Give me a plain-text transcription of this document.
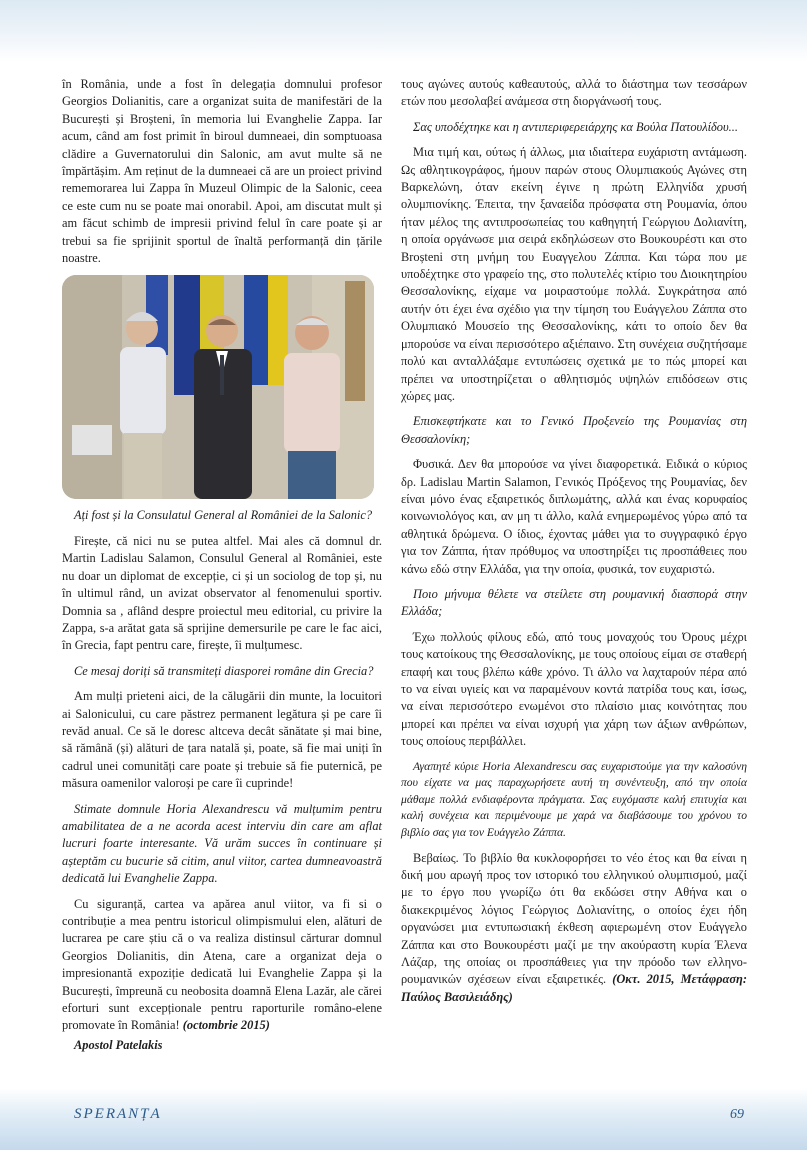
în România, unde a fost în delegația domnului profesor Georgios Dolianitis, care a organizat suita de manifestări de la București și Broșteni, în memoria lui Evanghelie Zappa. Iar acum, când am fost primit în biroul dumneaei, din somptuoasa clădire a Guvernatorului din Salonic, am avut multe să ne împărtășim. Am reținut de la dumneaei că are un proiect privind rememorarea lui Zappa în Muzeul Olimpic de la Salonic, ceea ce este cum nu se poate mai onorabil. Apoi, am discutat mult și am făcut schimb de impresii privind felul în care poate și ar trebui sa fie sprijinit sportul de înaltă performanță din țările noastre.

Ați fost și la Consulatul General al României de la Salonic?

Firește, că nici nu se putea altfel. Mai ales că domnul dr. Martin Ladislau Salamon, Consulul General al României, este nu doar un diplomat de excepție, ci și un sociolog de top și, nu în ultimul rând, un avizat observator al fenomenului sportiv. Domnia sa , aflând despre proiectul meu editorial, cu privire la Zappa, s-a arătat gata să sprijine demersurile pe care le fac aici, în Grecia, fapt pentru care, firește, îi mulțumesc.

Ce mesaj doriți să transmiteți diasporei române din Grecia?

Am mulți prieteni aici, de la călugării din munte, la locuitori ai Salonicului, cu care păstrez permanent legătura și pe care îi revăd anual. Ce să le doresc altceva decât sănătate și mai bine, să rămână (și) alături de țara natală și, poate, să fie mai uniți în cadrul unei comunități care poate și trebuie să fie puternică, pe măsura oamenilor valoroși pe care îi cuprinde!

Stimate domnule Horia Alexandrescu vă mulțumim pentru amabilitatea de a ne acorda acest interviu din care am aflat lucruri foarte interesante. Vă urăm succes în continuare și așteptăm cu bucurie să citim, anul viitor, cartea dumneavoastră dedicată lui Evanghelie Zappa.

Cu siguranță, cartea va apărea anul viitor, va fi si o contribuție a mea pentru istoricul olimpismului elen, alături de lucrarea pe care știu că o va realiza distinsul cărturar domnul Georgios Dolianitis, din Atena, care a organizat deja o impresionantă expoziție dedicată lui Evanghelie Zappa și la București, împreună cu neobosita doamnă Elena Lazăr, ale cărei eforturi sunt excepționale pentru raporturile româno-elene promovate în România! (octombrie 2015)

Apostol Patelakis

τους αγώνες αυτούς καθεαυτούς, αλλά το διάστημα των τεσσάρων ετών που μεσολαβεί ανάμεσα στη διοργάνωσή τους.

Σας υποδέχτηκε και η αντιπεριφερειάρχης κα Βούλα Πατουλίδου...

Μια τιμή και, ούτως ή άλλως, μια ιδιαίτερα ευχάριστη αντάμωση. Ως αθλητικογράφος, ήμουν παρών στους Ολυμπιακούς Αγώνες στη Βαρκελώνη, όταν εκείνη έγινε η πρώτη Ελληνίδα χρυσή ολυμπιονίκης. Έπειτα, την ξαναείδα πρόσφατα στη Ρουμανία, όπου ήταν μέλος της αντιπροσωπείας του καθηγητή Γεώργιου Δολιανίτη, η οποία οργάνωσε μια σειρά εκδηλώσεων στο Βουκουρέστι και στο Broșteni στη μνήμη του Ευαγγελου Ζάππα. Και τώρα που με υποδέχτηκε στο γραφείο της, στο πολυτελές κτίριο του Διοικητηρίου Θεσσαλονίκης, είχαμε να μοιραστούμε πολλά. Συγκράτησα από αυτήν ότι έχει ένα σχέδιο για την τίμηση του Ευάγγελου Ζάππα στο Ολυμπιακό Μουσείο της Θεσσαλονίκης, κάτι το οποίο δεν θα μπορούσε να είναι περισσότερο αξιέπαινο. Στη συνέχεια συζητήσαμε πολύ και ανταλλάξαμε εντυπώσεις σχετικά με το πώς μπορεί και πρέπει να υποστηρίζεται ο αθλητισμός υψηλών επιδόσεων στις χώρες μας.

Επισκεφτήκατε και το Γενικό Προξενείο της Ρουμανίας στη Θεσσαλονίκη;

Φυσικά. Δεν θα μπορούσε να γίνει διαφορετικά. Ειδικά ο κύριος δρ. Ladislau Martin Salamon, Γενικός Πρόξενος της Ρουμανίας, δεν είναι μόνο ένας εξαιρετικός διπλωμάτης, αλλά και ένας κορυφαίος κοινωνιολόγος και, αν μη τι άλλο, καλά ενημερωμένος γύρω από τα αθλητικά δρώμενα. Ο ίδιος, έχοντας μάθει για το συγγραφικό έργο για τον Ζάππα, ήταν πρόθυμος να υποστηρίξει τις προσπάθειες που κάνω εδώ στην Ελλάδα, για την οποία, φυσικά, τον ευχαριστώ.

Ποιο μήνυμα θέλετε να στείλετε στη ρουμανική διασπορά στην Ελλάδα;

Έχω πολλούς φίλους εδώ, από τους μοναχούς του Όρους μέχρι τους κατοίκους της Θεσσαλονίκης, με τους οποίους είμαι σε σταθερή επαφή και τους βλέπω κάθε χρόνο. Τι άλλο να λαχταρούν πέρα από το να είναι υγιείς και να παραμένουν κοντά πατρίδα τους και, ίσως, να είναι περισσότερο ενωμένοι στο πλαίσιο μιας κοινότητας που μπορεί και πρέπει να είναι ισχυρή για χάρη των άξιων ανθρώπων, τους οποίους περιβάλλει.

Αγαπητέ κύριε Horia Alexandrescu σας ευχαριστούμε για την καλοσύνη που είχατε να μας παραχωρήσετε αυτή τη συνέντευξη, από την οποία μάθαμε πολλά ενδιαφέροντα πράγματα. Σας ευχόμαστε καλή επιτυχία και καλή συνέχεια και περιμένουμε με χαρά να διαβάσουμε του χρόνου το βιβλίο σας για τον Ευάγγελο Ζάππα.

Βεβαίως. Το βιβλίο θα κυκλοφορήσει το νέο έτος και θα είναι η δική μου αρωγή προς τον ιστορικό του ελληνικού ολυμπισμού, μαζί με το έργο που γνωρίζω ότι θα εκδώσει στην Αθήνα και ο διακεκριμένος λόγιος Γεώργιος Δολιανίτης, ο οποίος έχει ήδη οργανώσει μια εντυπωσιακή έκθεση αφιερωμένη στον Ευάγγελο Ζάππα και στο Βουκουρέστι μαζί με την ακούραστη κυρία Έλενα Λάζαρ, της οποίας οι προσπάθειες για την πρόοδο των ελληνο-ρουμανικών σχέσεων είναι εξαιρετικές. (Οκτ. 2015, Μετάφραση: Παύλος Βασιλειάδης)

SPERANȚA	69
